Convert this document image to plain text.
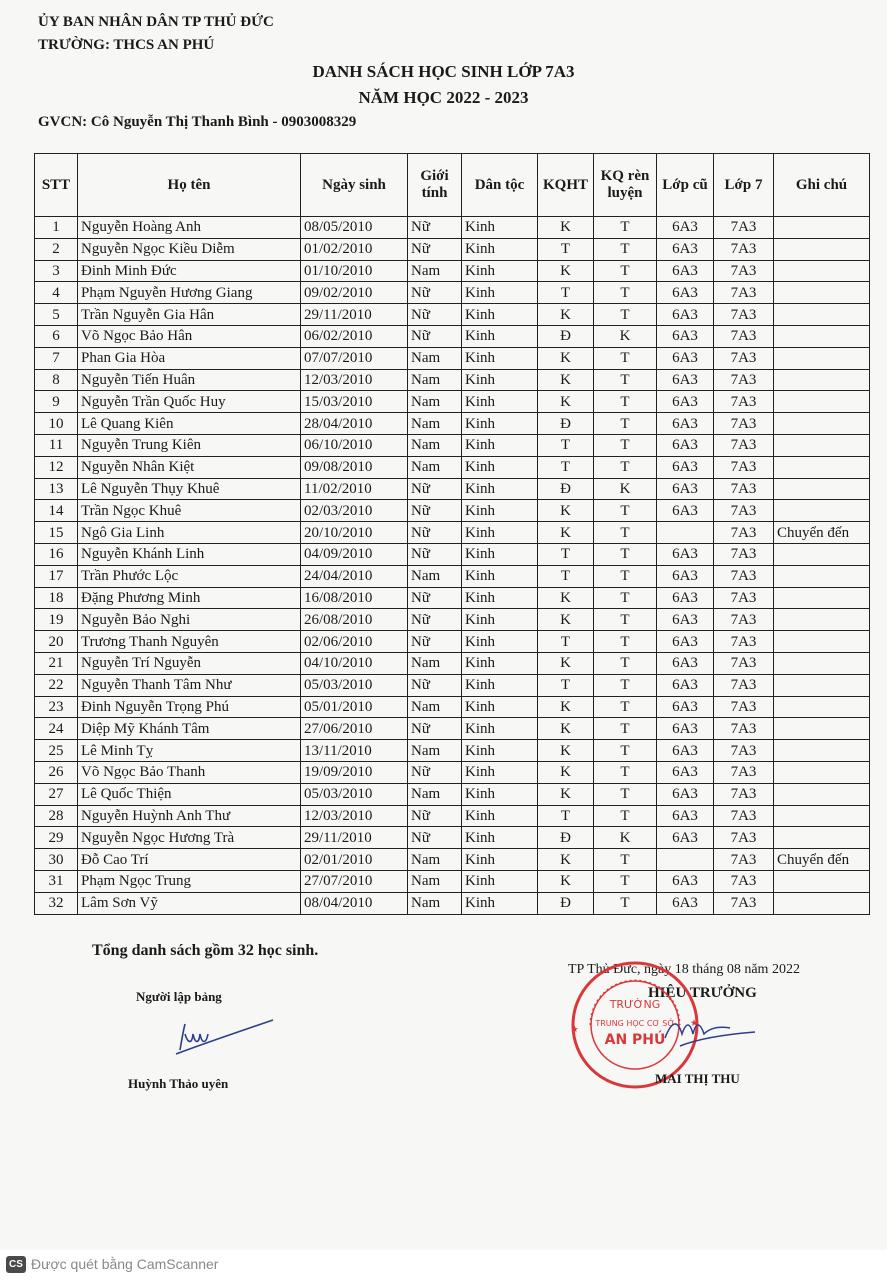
ỦY BAN NHÂN DÂN TP THỦ ĐỨC
TRƯỜNG: THCS AN PHÚ
DANH SÁCH HỌC SINH LỚP 7A3
NĂM HỌC 2022 - 2023
GVCN: Cô Nguyễn Thị Thanh Bình - 0903008329
STT	Họ tên	Ngày sinh	Giới tính	Dân tộc	KQHT	KQ rèn luyện	Lớp cũ	Lớp 7	Ghi chú
1	Nguyễn Hoàng Anh	08/05/2010	Nữ	Kinh	K	T	6A3	7A3	
2	Nguyễn Ngọc Kiều Diễm	01/02/2010	Nữ	Kinh	T	T	6A3	7A3	
3	Đinh Minh Đức	01/10/2010	Nam	Kinh	K	T	6A3	7A3	
4	Phạm Nguyễn Hương Giang	09/02/2010	Nữ	Kinh	T	T	6A3	7A3	
5	Trần Nguyễn Gia Hân	29/11/2010	Nữ	Kinh	K	T	6A3	7A3	
6	Võ Ngọc Bảo Hân	06/02/2010	Nữ	Kinh	Đ	K	6A3	7A3	
7	Phan Gia Hòa	07/07/2010	Nam	Kinh	K	T	6A3	7A3	
8	Nguyễn Tiến Huân	12/03/2010	Nam	Kinh	K	T	6A3	7A3	
9	Nguyễn Trần Quốc Huy	15/03/2010	Nam	Kinh	K	T	6A3	7A3	
10	Lê Quang Kiên	28/04/2010	Nam	Kinh	Đ	T	6A3	7A3	
11	Nguyễn Trung Kiên	06/10/2010	Nam	Kinh	T	T	6A3	7A3	
12	Nguyễn Nhân Kiệt	09/08/2010	Nam	Kinh	T	T	6A3	7A3	
13	Lê Nguyễn Thụy Khuê	11/02/2010	Nữ	Kinh	Đ	K	6A3	7A3	
14	Trần Ngọc Khuê	02/03/2010	Nữ	Kinh	K	T	6A3	7A3	
15	Ngô Gia Linh	20/10/2010	Nữ	Kinh	K	T		7A3	Chuyển đến
16	Nguyễn Khánh Linh	04/09/2010	Nữ	Kinh	T	T	6A3	7A3	
17	Trần Phước Lộc	24/04/2010	Nam	Kinh	T	T	6A3	7A3	
18	Đặng Phương Minh	16/08/2010	Nữ	Kinh	K	T	6A3	7A3	
19	Nguyễn Bảo Nghi	26/08/2010	Nữ	Kinh	K	T	6A3	7A3	
20	Trương Thanh Nguyên	02/06/2010	Nữ	Kinh	T	T	6A3	7A3	
21	Nguyễn Trí Nguyễn	04/10/2010	Nam	Kinh	K	T	6A3	7A3	
22	Nguyễn Thanh Tâm Như	05/03/2010	Nữ	Kinh	T	T	6A3	7A3	
23	Đinh Nguyễn Trọng Phú	05/01/2010	Nam	Kinh	K	T	6A3	7A3	
24	Diệp Mỹ Khánh Tâm	27/06/2010	Nữ	Kinh	K	T	6A3	7A3	
25	Lê Minh Tỵ	13/11/2010	Nam	Kinh	K	T	6A3	7A3	
26	Võ Ngọc Bảo Thanh	19/09/2010	Nữ	Kinh	K	T	6A3	7A3	
27	Lê Quốc Thiện	05/03/2010	Nam	Kinh	K	T	6A3	7A3	
28	Nguyễn Huỳnh Anh Thư	12/03/2010	Nữ	Kinh	T	T	6A3	7A3	
29	Nguyễn Ngọc Hương Trà	29/11/2010	Nữ	Kinh	Đ	K	6A3	7A3	
30	Đỗ Cao Trí	02/01/2010	Nam	Kinh	K	T		7A3	Chuyển đến
31	Phạm Ngọc Trung	27/07/2010	Nam	Kinh	K	T	6A3	7A3	
32	Lâm Sơn Vỹ	08/04/2010	Nam	Kinh	Đ	T	6A3	7A3	
Tổng danh sách gồm 32 học sinh.
TP Thủ Đức, ngày 18 tháng 08 năm 2022
Người lập bảng	HIỆU TRƯỞNG
TRƯỜNG
TRUNG HỌC CƠ SỞ
AN PHÚ
★
★
Huỳnh Thảo uyên	MAI THỊ THU
CS Được quét bằng CamScanner
